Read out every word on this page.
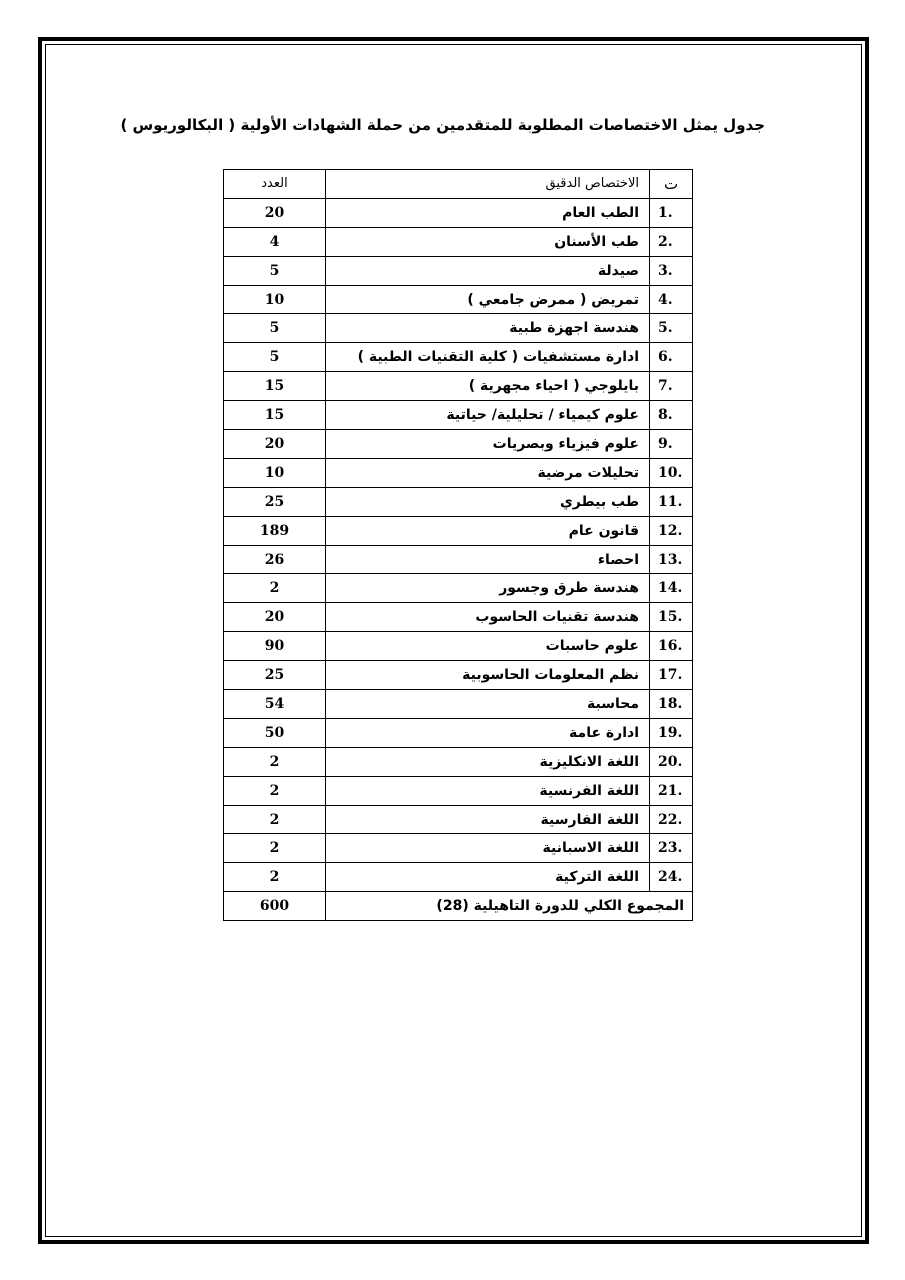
جدول يمثل الاختصاصات المطلوبة للمتقدمين من حملة الشهادات الأولية ( البكالوريوس )
العدد	الاختصاص الدقيق	ت
20	الطب العام	1.
4	طب الأسنان	2.
5	صيدلة	3.
10	تمريض ( ممرض جامعي )	4.
5	هندسة اجهزة طبية	5.
5	ادارة مستشفيات ( كلية التقنيات الطبية )	6.
15	بايلوجي ( احياء مجهرية )	7.
15	علوم كيمياء / تحليلية/ حياتية	8.
20	علوم فيزياء وبصريات	9.
10	تحليلات مرضية	10.
25	طب بيطري	11.
189	قانون عام	12.
26	احصاء	13.
2	هندسة طرق وجسور	14.
20	هندسة تقنيات الحاسوب	15.
90	علوم حاسبات	16.
25	نظم المعلومات الحاسوبية	17.
54	محاسبة	18.
50	ادارة عامة	19.
2	اللغة الانكليزية	20.
2	اللغة الفرنسية	21.
2	اللغة الفارسية	22.
2	اللغة الاسبانية	23.
2	اللغة التركية	24.
600	المجموع الكلي للدورة التاهيلية (28)	
